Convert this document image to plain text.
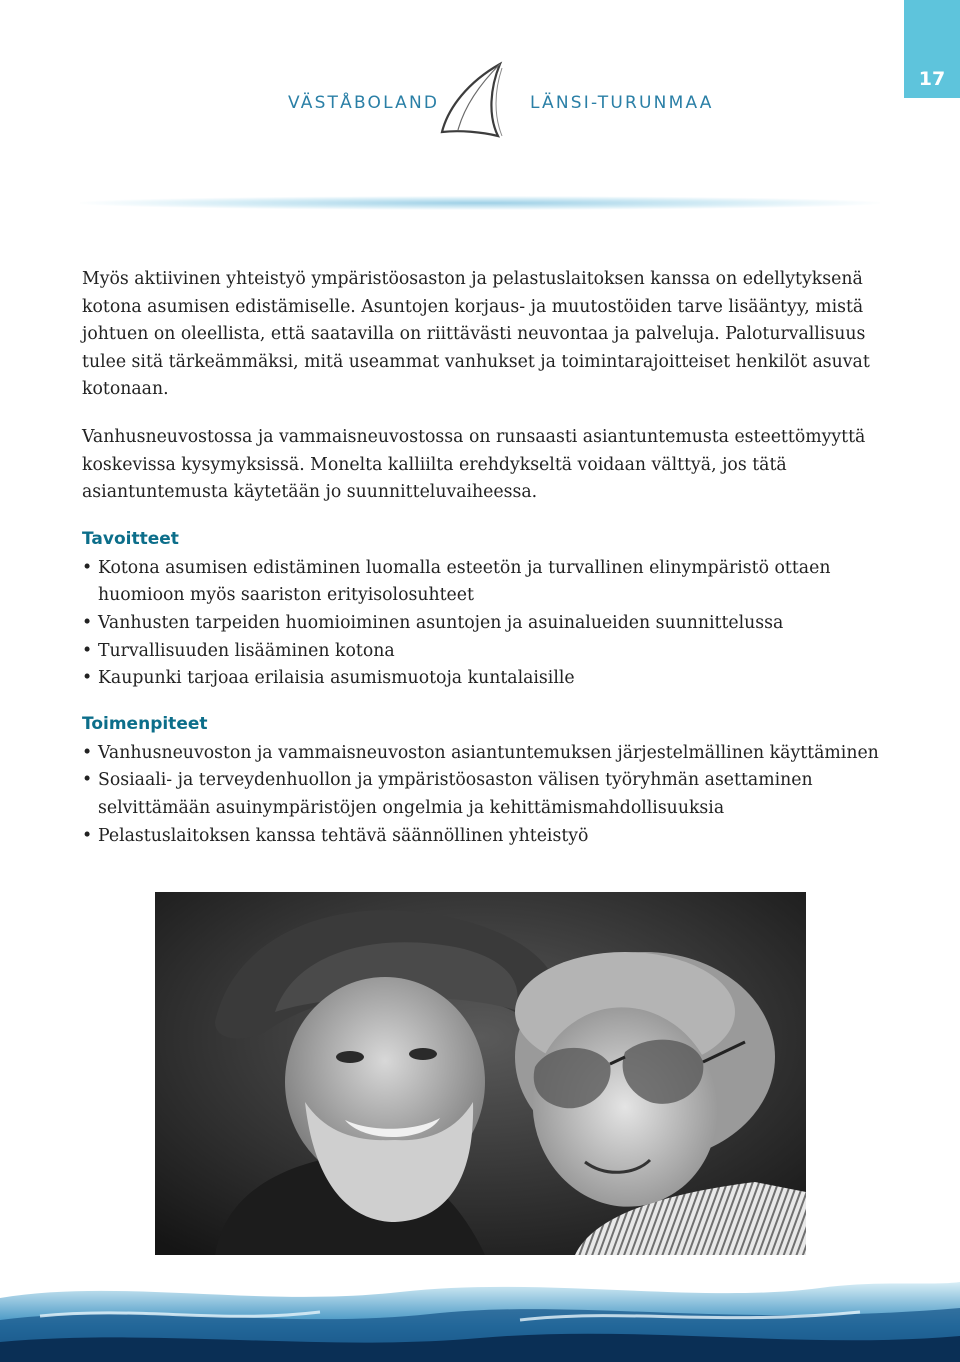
17
VÄSTÅBOLAND	LÄNSI-TURUNMAA

Myös aktiivinen yhteistyö ympäristöosaston ja pelastuslaitoksen kanssa on edellytyksenä kotona asumisen edistämiselle. Asuntojen korjaus- ja muutostöiden tarve lisääntyy, mistä johtuen on oleellista, että saatavilla on riittävästi neuvontaa ja palveluja. Paloturvallisuus tulee sitä tärkeämmäksi, mitä useammat vanhukset ja toimintarajoitteiset henkilöt asuvat kotonaan.

Vanhusneuvostossa ja vammaisneuvostossa on runsaasti asiantuntemusta esteettömyyttä koskevissa kysymyksissä. Monelta kalliilta erehdykseltä voidaan välttyä, jos tätä asiantuntemusta käytetään jo suunnitteluvaiheessa.

Tavoitteet
• Kotona asumisen edistäminen luomalla esteetön ja turvallinen elinympäristö ottaen huomioon myös saariston erityisolosuhteet
• Vanhusten tarpeiden huomioiminen asuntojen ja asuinalueiden suunnittelussa
• Turvallisuuden lisääminen kotona
• Kaupunki tarjoaa erilaisia asumismuotoja kuntalaisille
Toimenpiteet
• Vanhusneuvoston ja vammaisneuvoston asiantuntemuksen järjestelmällinen käyttäminen
• Sosiaali- ja terveydenhuollon ja ympäristöosaston välisen työryhmän asettaminen selvittämään asuinympäristöjen ongelmia ja kehittämismahdollisuuksia
• Pelastuslaitoksen kanssa tehtävä säännöllinen yhteistyö
